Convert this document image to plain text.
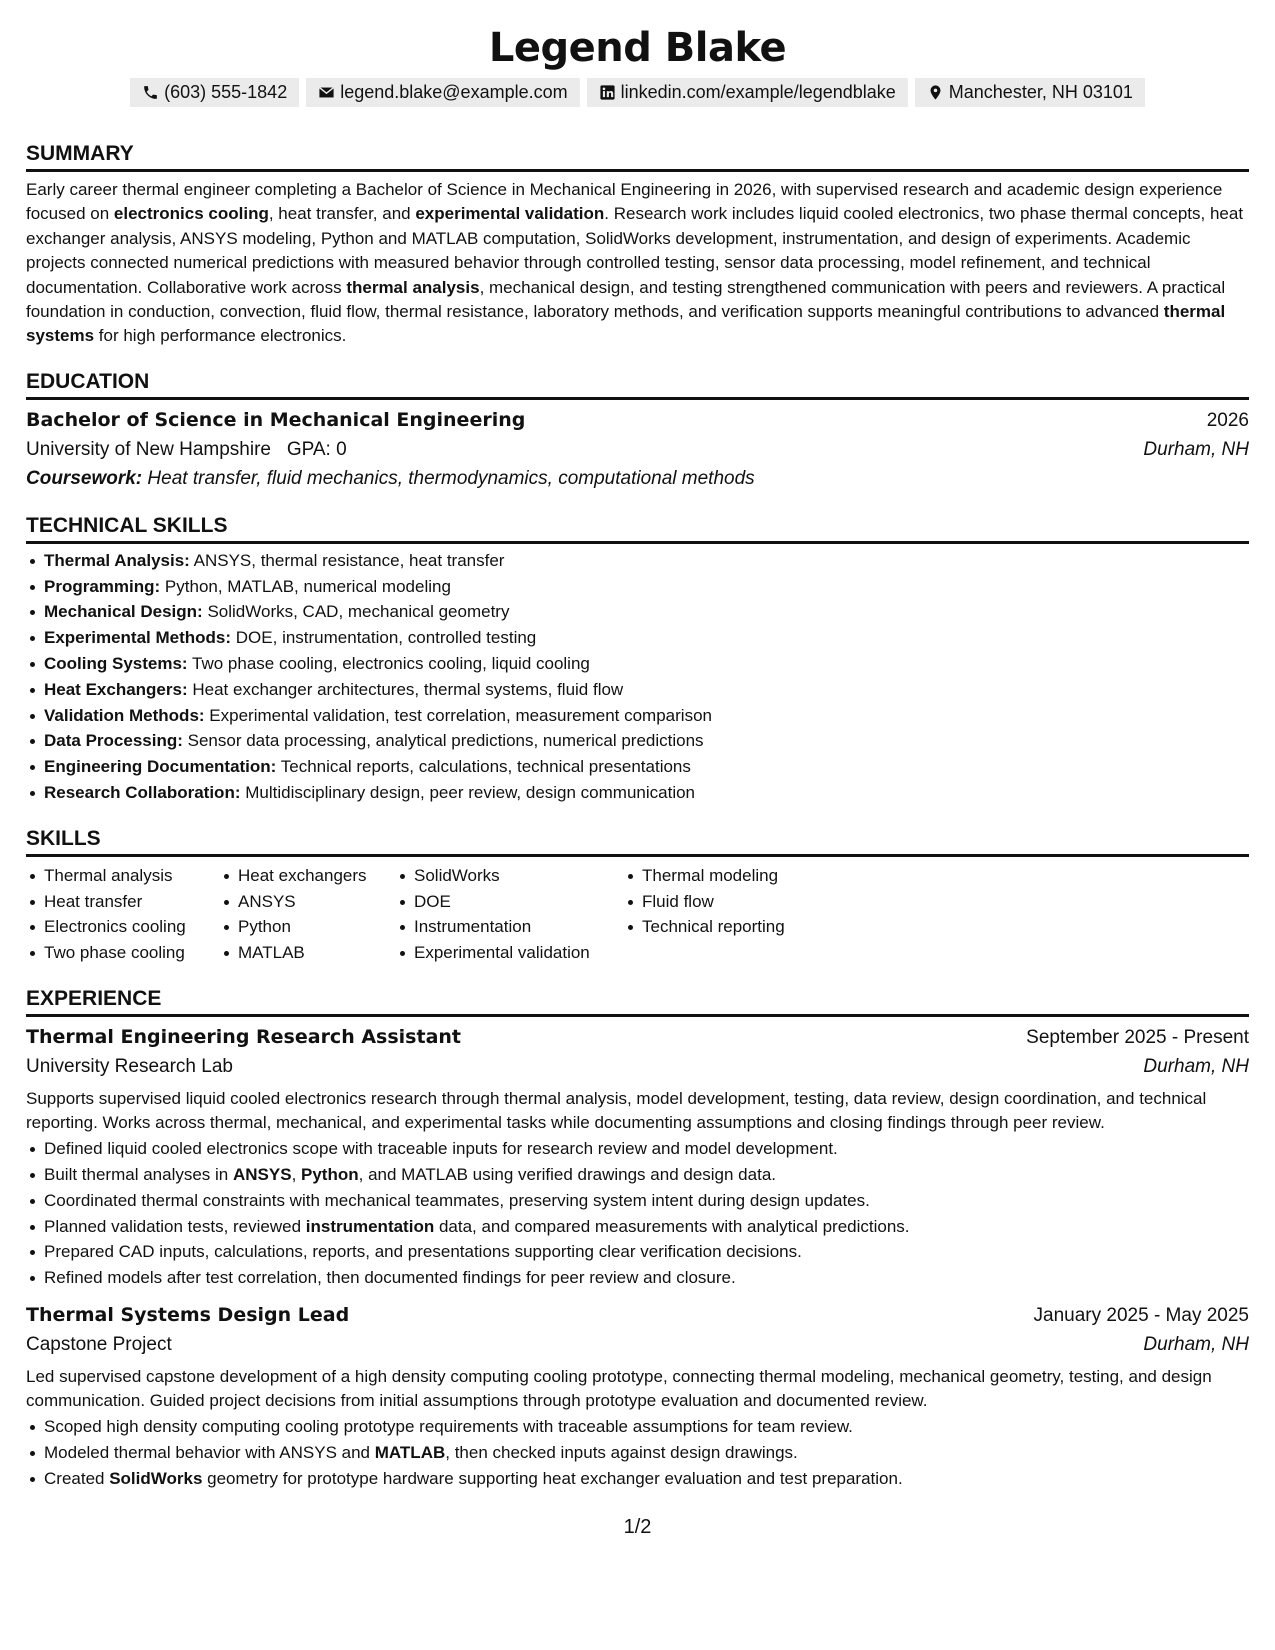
Legend Blake
(603) 555-1842	legend.blake@example.com	linkedin.com/example/legendblake	Manchester, NH 03101
SUMMARY

Early career thermal engineer completing a Bachelor of Science in Mechanical Engineering in 2026, with supervised research and academic design experience focused on electronics cooling, heat transfer, and experimental validation. Research work includes liquid cooled electronics, two phase thermal concepts, heat exchanger analysis, ANSYS modeling, Python and MATLAB computation, SolidWorks development, instrumentation, and design of experiments. Academic projects connected numerical predictions with measured behavior through controlled testing, sensor data processing, model refinement, and technical documentation. Collaborative work across thermal analysis, mechanical design, and testing strengthened communication with peers and reviewers. A practical foundation in conduction, convection, fluid flow, thermal resistance, laboratory methods, and verification supports meaningful contributions to advanced thermal systems for high performance electronics.

EDUCATION
Bachelor of Science in Mechanical Engineering	2026
University of New Hampshire GPA: 0	Durham, NH
Coursework: Heat transfer, fluid mechanics, thermodynamics, computational methods
TECHNICAL SKILLS
Thermal Analysis: ANSYS, thermal resistance, heat transfer
Programming: Python, MATLAB, numerical modeling
Mechanical Design: SolidWorks, CAD, mechanical geometry
Experimental Methods: DOE, instrumentation, controlled testing
Cooling Systems: Two phase cooling, electronics cooling, liquid cooling
Heat Exchangers: Heat exchanger architectures, thermal systems, fluid flow
Validation Methods: Experimental validation, test correlation, measurement comparison
Data Processing: Sensor data processing, analytical predictions, numerical predictions
Engineering Documentation: Technical reports, calculations, technical presentations
Research Collaboration: Multidisciplinary design, peer review, design communication
SKILLS
Thermal analysis
Heat transfer
Electronics cooling
Two phase cooling
Heat exchangers
ANSYS
Python
MATLAB
SolidWorks
DOE
Instrumentation
Experimental validation
Thermal modeling
Fluid flow
Technical reporting
EXPERIENCE
Thermal Engineering Research Assistant	September 2025 - Present
University Research Lab	Durham, NH

Supports supervised liquid cooled electronics research through thermal analysis, model development, testing, data review, design coordination, and technical reporting. Works across thermal, mechanical, and experimental tasks while documenting assumptions and closing findings through peer review.

Defined liquid cooled electronics scope with traceable inputs for research review and model development.
Built thermal analyses in ANSYS, Python, and MATLAB using verified drawings and design data.
Coordinated thermal constraints with mechanical teammates, preserving system intent during design updates.
Planned validation tests, reviewed instrumentation data, and compared measurements with analytical predictions.
Prepared CAD inputs, calculations, reports, and presentations supporting clear verification decisions.
Refined models after test correlation, then documented findings for peer review and closure.
Thermal Systems Design Lead	January 2025 - May 2025
Capstone Project	Durham, NH

Led supervised capstone development of a high density computing cooling prototype, connecting thermal modeling, mechanical geometry, testing, and design communication. Guided project decisions from initial assumptions through prototype evaluation and documented review.

Scoped high density computing cooling prototype requirements with traceable assumptions for team review.
Modeled thermal behavior with ANSYS and MATLAB, then checked inputs against design drawings.
Created SolidWorks geometry for prototype hardware supporting heat exchanger evaluation and test preparation.
1/2
